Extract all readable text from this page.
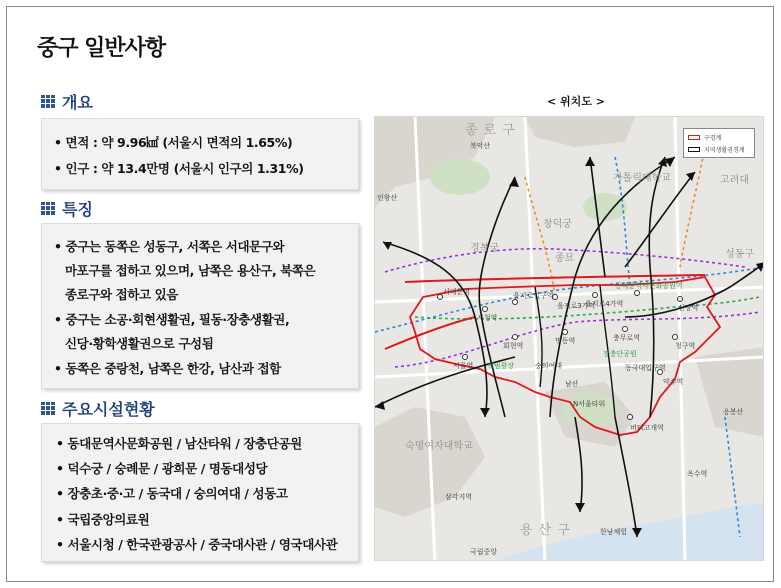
중구 일반사항
개요
• 면적 : 약 9.96㎢ (서울시 면적의 1.65%)
• 인구 : 약 13.4만명 (서울시 인구의 1.31%)
특징
• 중구는 동쪽은 성동구, 서쪽은 서대문구와
마포구를 접하고 있으며, 남쪽은 용산구, 북쪽은
종로구와 접하고 있음
• 중구는 소공·회현생활권, 필동·장충생활권,
신당·황학생활권으로 구성됨
• 동쪽은 중랑천, 남쪽은 한강, 남산과 접함
주요시설현황
• 동대문역사문화공원 / 남산타워 / 장충단공원
• 덕수궁 / 숭례문 / 광희문 / 명동대성당
• 장충초·중·고 / 동국대 / 숭의여대 / 성동고
• 국립중앙의료원
• 서울시청 / 한국관광공사 / 중국대사관 / 영국대사관
< 위치도 >
구경계
지역생활권경계
종로구
북악산
인왕산
창덕궁
경복궁
종묘
가톨릭대학교	고려대
남산
N서울타워
숙명여자대학교
용산구	한남체험
옥수역
응봉산
삼각지역
국립중앙
성동구
서대문역
시청역
을지로입구역
을지로3가역
을지로4가역
동대문역사문화공원역
신당역
서울역
회현역
명동역	충무로역
동국대입구역
청구역
약수역
버티고개역
장충단공원
백범광장	숭의여대
